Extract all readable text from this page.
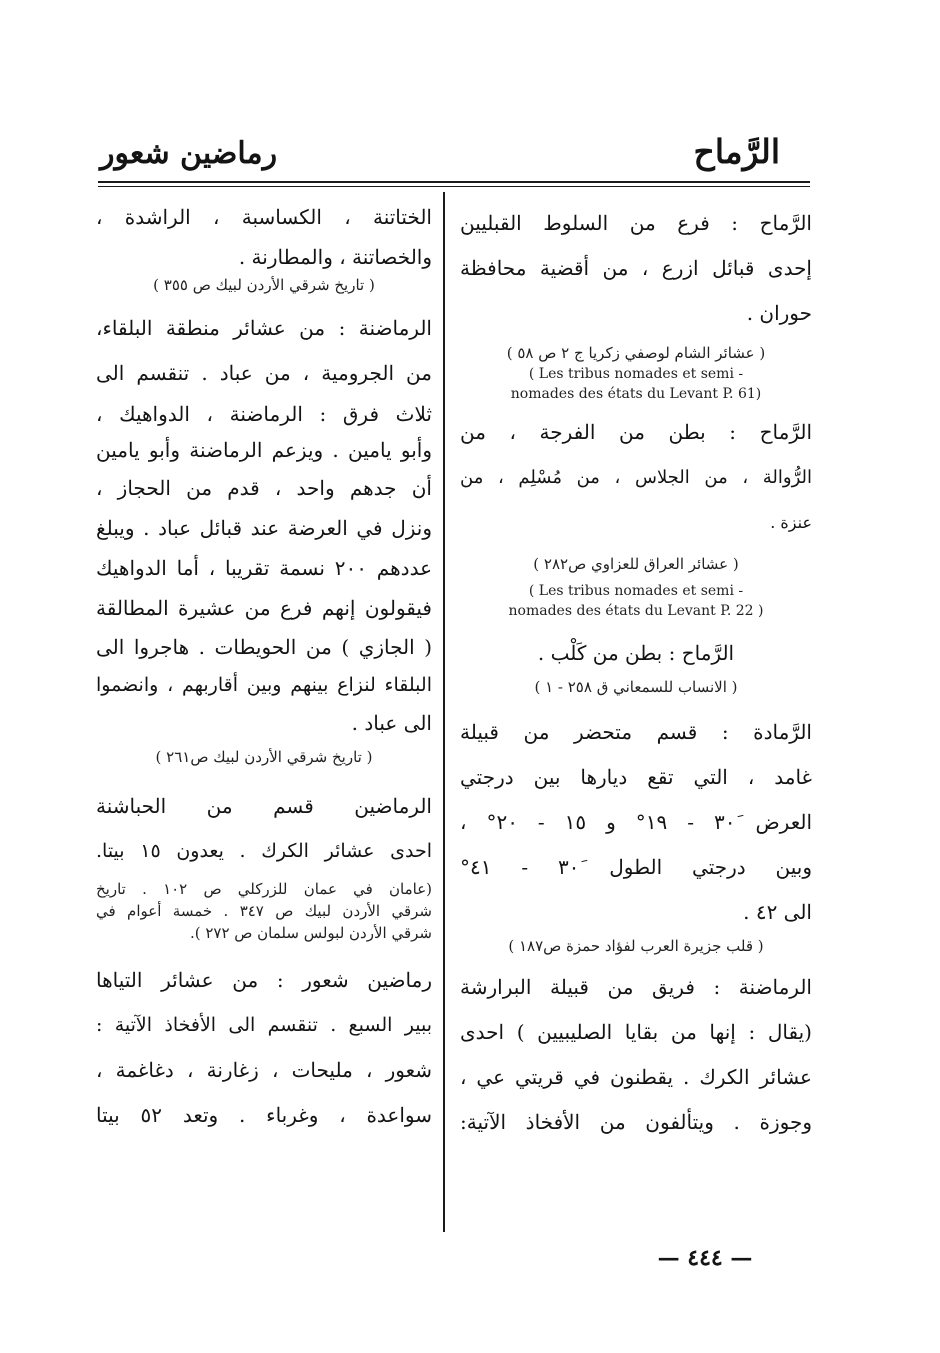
الرَّماح
رماضين شعور
الرَّماح : فرع من السلوط القبليين
إحدى قبائل ازرع ، من أقضية محافظة
حوران .
( عشائر الشام لوصفي زكريا ج ٢ ص ٥٨ )
( Les tribus nomades et semi -
nomades des états du Levant P. 61)
الرَّماح : بطن من الفرجة ، من
الرُّوالة ، من الجلاس ، من مُسْلِم ، من
عنزة .
( عشائر العراق للعزاوي ص٢٨٢ )
( Les tribus nomades et semi -
nomades des états du Levant P. 22 )
الرَّماح : بطن من كَلْب .
( الانساب للسمعاني ق ٢٥٨ - ١ )
الرَّمادة : قسم متحضر من قبيلة
غامد ، التي تقع ديارها بين درجتي
العرض ٣٠َ - ١٩° و ١٥ - ٢٠° ،
وبين درجتي الطول ٣٠َ - ٤١°
الى ٤٢ .
( قلب جزيرة العرب لفؤاد حمزة ص١٨٧ )
الرماضنة : فريق من قبيلة البرارشة
(يقال : إنها من بقايا الصليبيين ) احدى
عشائر الكرك . يقطنون في قريتي عي ،
وجوزة . ويتألفون من الأفخاذ الآتية:
الختاتنة ، الكساسبة ، الراشدة ،
والخصاتنة ، والمطارنة .
( تاريخ شرقي الأردن لبيك ص ٣٥٥ )
الرماضنة : من عشائر منطقة البلقاء،
من الجرومية ، من عباد . تنقسم الى
ثلاث فرق : الرماضنة ، الدواهيك ،
وأبو يامين . ويزعم الرماضنة وأبو يامين
أن جدهم واحد ، قدم من الحجاز ،
ونزل في العرضة عند قبائل عباد . ويبلغ
عددهم ٢٠٠ نسمة تقريبا ، أما الدواهيك
فيقولون إنهم فرع من عشيرة المطالقة
( الجازي ) من الحويطات . هاجروا الى
البلقاء لنزاع بينهم وبين أقاربهم ، وانضموا
الى عباد .
( تاريخ شرقي الأردن لبيك ص٢٦١ )
الرماضين قسم من الحباشنة
احدى عشائر الكرك . يعدون ١٥ بيتا.
(عامان في عمان للزركلي ص ١٠٢ . تاريخ
شرقي الأردن لبيك ص ٣٤٧ . خمسة أعوام في
شرقي الأردن لبولس سلمان ص ٢٧٢ ).
رماضين شعور : من عشائر التياها
ببير السبع . تنقسم الى الأفخاذ الآتية :
شعور ، مليحات ، زغارنة ، دغاغمة ،
سواعدة ، وغرباء . وتعد ٥٢ بيتا
— ٤٤٤ —
